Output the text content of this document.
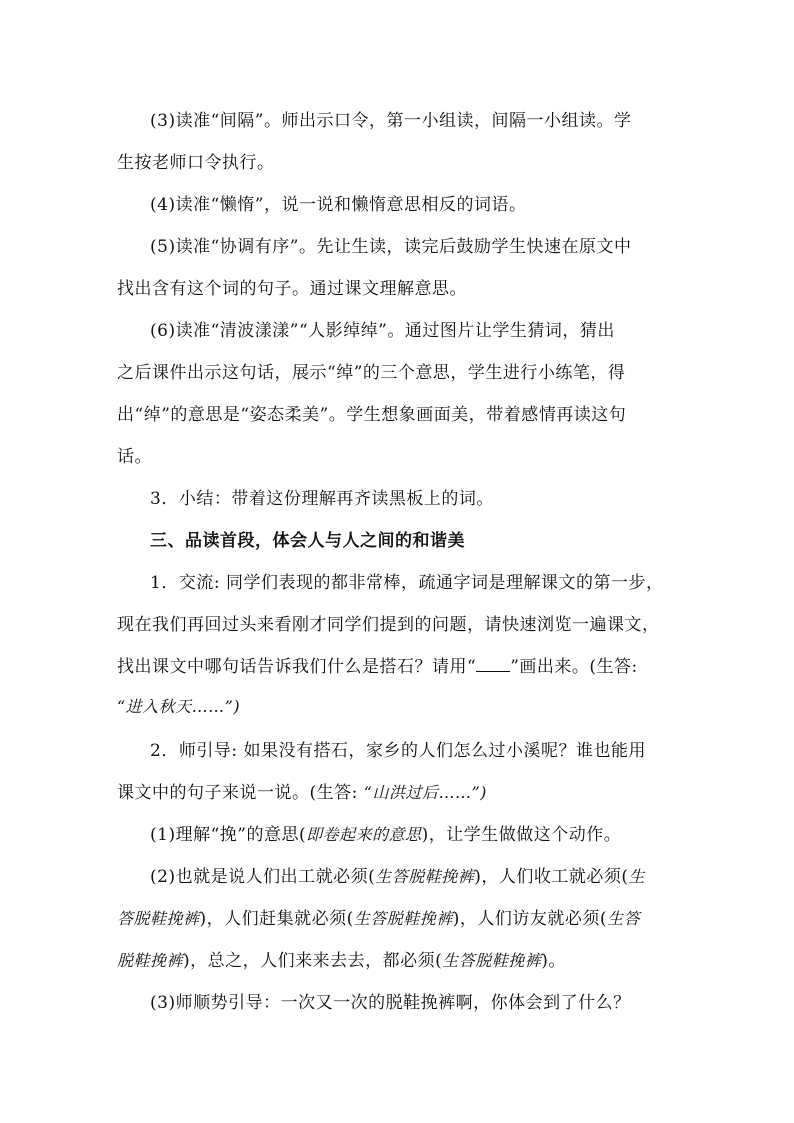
(3)读准“间隔”。师出示口令，第一小组读，间隔一小组读。学
生按老师口令执行。
(4)读准“懒惰”，说一说和懒惰意思相反的词语。
(5)读准“协调有序”。先让生读，读完后鼓励学生快速在原文中
找出含有这个词的句子。通过课文理解意思。
(6)读准“清波漾漾”“人影绰绰”。通过图片让学生猜词，猜出
之后课件出示这句话，展示“绰”的三个意思，学生进行小练笔，得
出“绰”的意思是“姿态柔美”。学生想象画面美，带着感情再读这句
话。
3．小结：带着这份理解再齐读黑板上的词。
三、品读首段，体会人与人之间的和谐美
1．交流: 同学们表现的都非常棒，疏通字词是理解课文的第一步，
现在我们再回过头来看刚才同学们提到的问题，请快速浏览一遍课文，
找出课文中哪句话告诉我们什么是搭石？请用“ ”画出来。(生答:
“进入秋天……”)
2．师引导: 如果没有搭石，家乡的人们怎么过小溪呢？谁也能用
课文中的句子来说一说。(生答: “山洪过后……”)
(1)理解“挽”的意思(即卷起来的意思)，让学生做做这个动作。
(2)也就是说人们出工就必须(生答脱鞋挽裤)，人们收工就必须(生
答脱鞋挽裤)，人们赶集就必须(生答脱鞋挽裤)，人们访友就必须(生答
脱鞋挽裤)，总之，人们来来去去，都必须(生答脱鞋挽裤)。
(3)师顺势引导：一次又一次的脱鞋挽裤啊，你体会到了什么？
